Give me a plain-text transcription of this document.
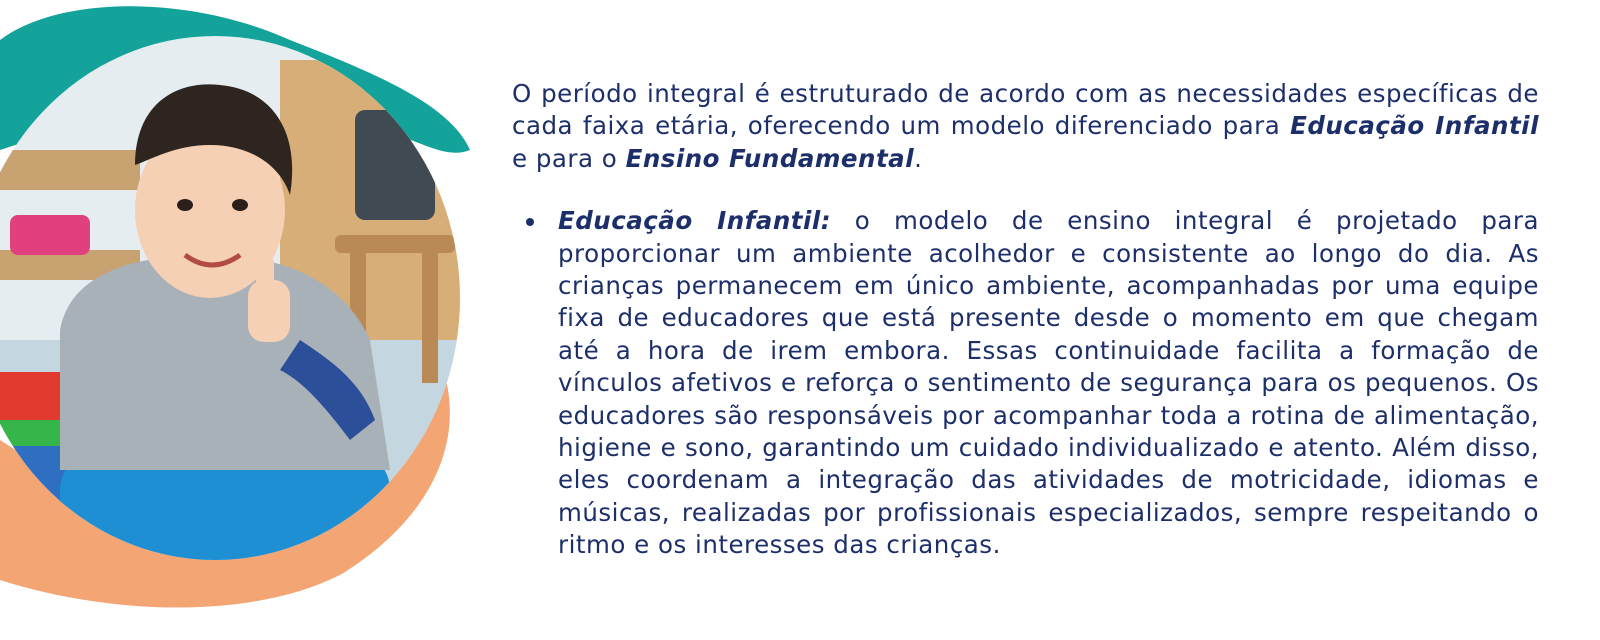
O período integral é estruturado de acordo com as necessidades específicas de cada faixa etária, oferecendo um modelo diferenciado para Educação Infantil e para o Ensino Fundamental.

Educação Infantil: o modelo de ensino integral é projetado para proporcionar um ambiente acolhedor e consistente ao longo do dia. As crianças permanecem em único ambiente, acompanhadas por uma equipe fixa de educadores que está presente desde o momento em que chegam até a hora de irem embora. Essas continuidade facilita a formação de vínculos afetivos e reforça o sentimento de segurança para os pequenos. Os educadores são responsáveis por acompanhar toda a rotina de alimentação, higiene e sono, garantindo um cuidado individualizado e atento. Além disso, eles coordenam a integração das atividades de motricidade, idiomas e músicas, realizadas por profissionais especializados, sempre respeitando o ritmo e os interesses das crianças.
